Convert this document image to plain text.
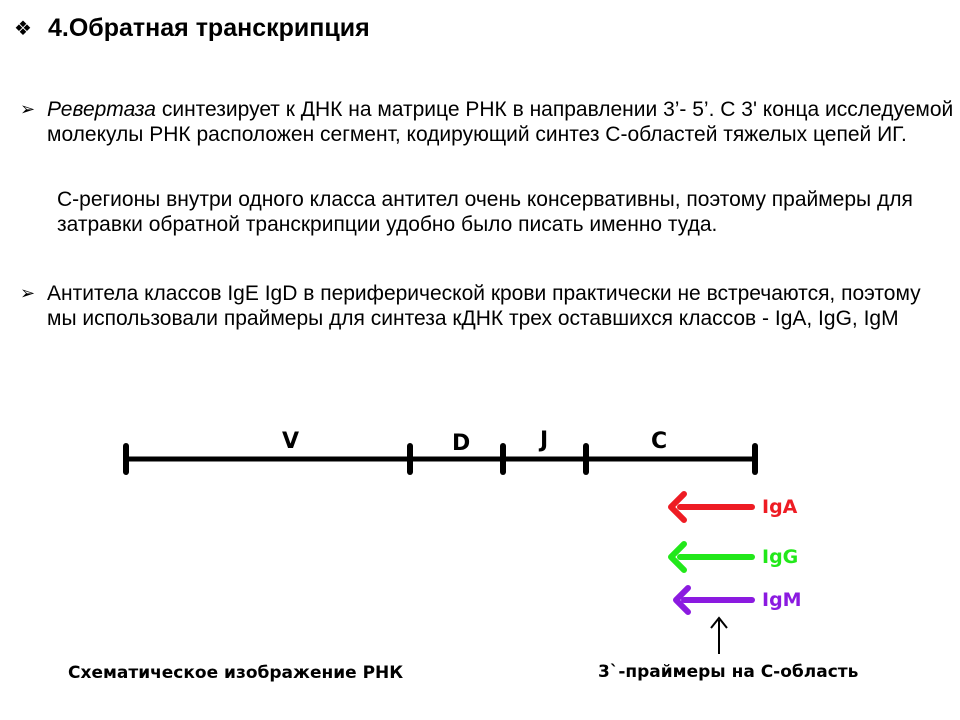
❖ 4.Обратная транскрипция
➢ Ревертаза синтезирует к ДНК на матрице РНК в направлении 3’- 5’. С 3' конца исследуемой молекулы РНК расположен сегмент, кодирующий синтез С-областей тяжелых цепей ИГ.
С-регионы внутри одного класса антител очень консервативны, поэтому праймеры для затравки обратной транскрипции удобно было писать именно туда.
➢ Антитела классов IgE IgD в периферической крови практически не встречаются, поэтому мы использовали праймеры для синтеза кДНК трех оставшихся классов - IgA, IgG, IgM
V	D	J	C
IgA
IgG
IgM
Схематическое изображение РНК	3`-праймеры на С-область
